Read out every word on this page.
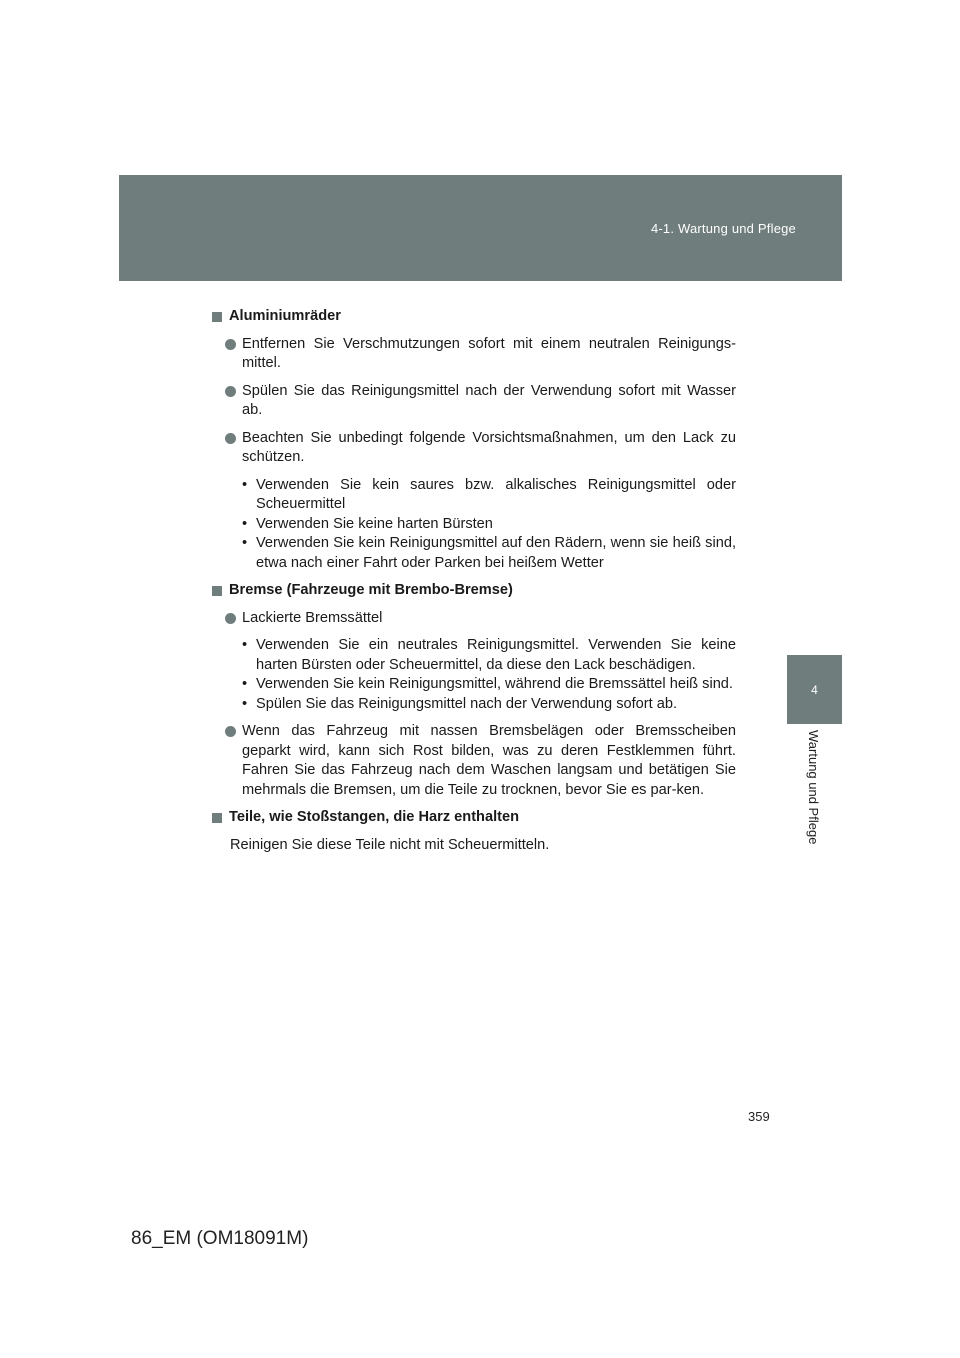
4-1. Wartung und Pflege
4
Wartung und Pflege
Aluminiumräder
Entfernen Sie Verschmutzungen sofort mit einem neutralen Reinigungs-mittel.
Spülen Sie das Reinigungsmittel nach der Verwendung sofort mit Wasser ab.
Beachten Sie unbedingt folgende Vorsichtsmaßnahmen, um den Lack zu schützen.
• Verwenden Sie kein saures bzw. alkalisches Reinigungsmittel oder Scheuermittel
• Verwenden Sie keine harten Bürsten
• Verwenden Sie kein Reinigungsmittel auf den Rädern, wenn sie heiß sind, etwa nach einer Fahrt oder Parken bei heißem Wetter
Bremse (Fahrzeuge mit Brembo-Bremse)
Lackierte Bremssättel
• Verwenden Sie ein neutrales Reinigungsmittel. Verwenden Sie keine harten Bürsten oder Scheuermittel, da diese den Lack beschädigen.
• Verwenden Sie kein Reinigungsmittel, während die Bremssättel heiß sind.
• Spülen Sie das Reinigungsmittel nach der Verwendung sofort ab.
Wenn das Fahrzeug mit nassen Bremsbelägen oder Bremsscheiben geparkt wird, kann sich Rost bilden, was zu deren Festklemmen führt. Fahren Sie das Fahrzeug nach dem Waschen langsam und betätigen Sie mehrmals die Bremsen, um die Teile zu trocknen, bevor Sie es par-ken.
Teile, wie Stoßstangen, die Harz enthalten
Reinigen Sie diese Teile nicht mit Scheuermitteln.
359
86_EM (OM18091M)
